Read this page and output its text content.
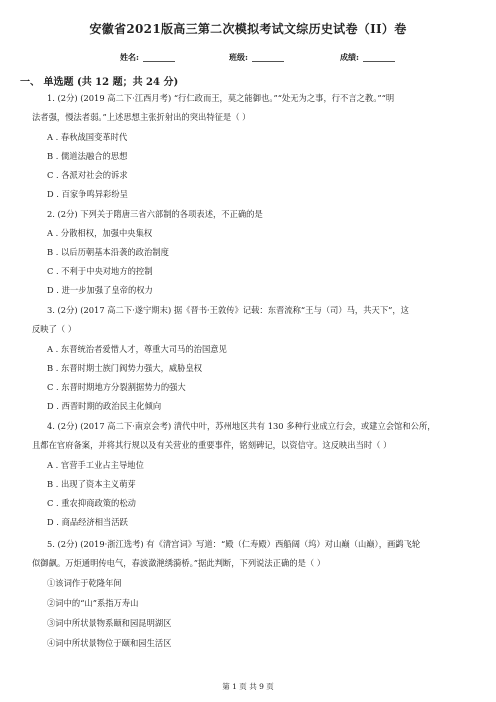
安徽省2021版高三第二次模拟考试文综历史试卷（II）卷
姓名: ________	班级: ________	成绩: ________
一、 单选题 (共 12 题；共 24 分)
1. (2分) (2019 高二下·江西月考) “行仁政而王，莫之能御也。”“处无为之事，行不言之教。”“明
法者强，慢法者弱。”上述思想主张折射出的突出特征是（ ）
A . 春秋战国变革时代
B . 儒道法融合的思想
C . 各派对社会的诉求
D . 百家争鸣异彩纷呈
2. (2分) 下列关于隋唐三省六部制的各项表述，不正确的是
A . 分散相权，加强中央集权
B . 以后历朝基本沿袭的政治制度
C . 不利于中央对地方的控制
D . 进一步加强了皇帝的权力
3. (2分) (2017 高二下·遂宁期末) 据《晋书·王敦传》记载：东晋流称“王与（司）马，共天下”，这
反映了（ ）
A . 东晋统治者爱惜人才，尊重大司马的治国意见
B . 东晋时期士族门阀势力强大，威胁皇权
C . 东晋时期地方分裂割据势力的强大
D . 西晋时期的政治民主化倾向
4. (2分) (2017 高二下·南京会考) 清代中叶，苏州地区共有 130 多种行业成立行会，或建立会馆和公所，
且都在官府备案，并将其行规以及有关营业的重要事件，铭刻碑记，以资信守。这反映出当时（ ）
A . 官营手工业占主导地位
B . 出现了资本主义萌芽
C . 重农抑商政策的松动
D . 商品经济相当活跃
5. (2分) (2019·浙江选考) 有《清宫词》写道：“殿（仁寿殿）西船阔（坞）对山巅（山巅），画鹢飞轮
似御飙。万炬通明传电气，春波潋滟绣漪桥。”据此判断，下列说法正确的是（ ）
①该词作于乾隆年间
②词中的“山”系指万寿山
③词中所状景物系颐和园昆明湖区
④词中所状景物位于颐和园生活区
第 1 页 共 9 页
